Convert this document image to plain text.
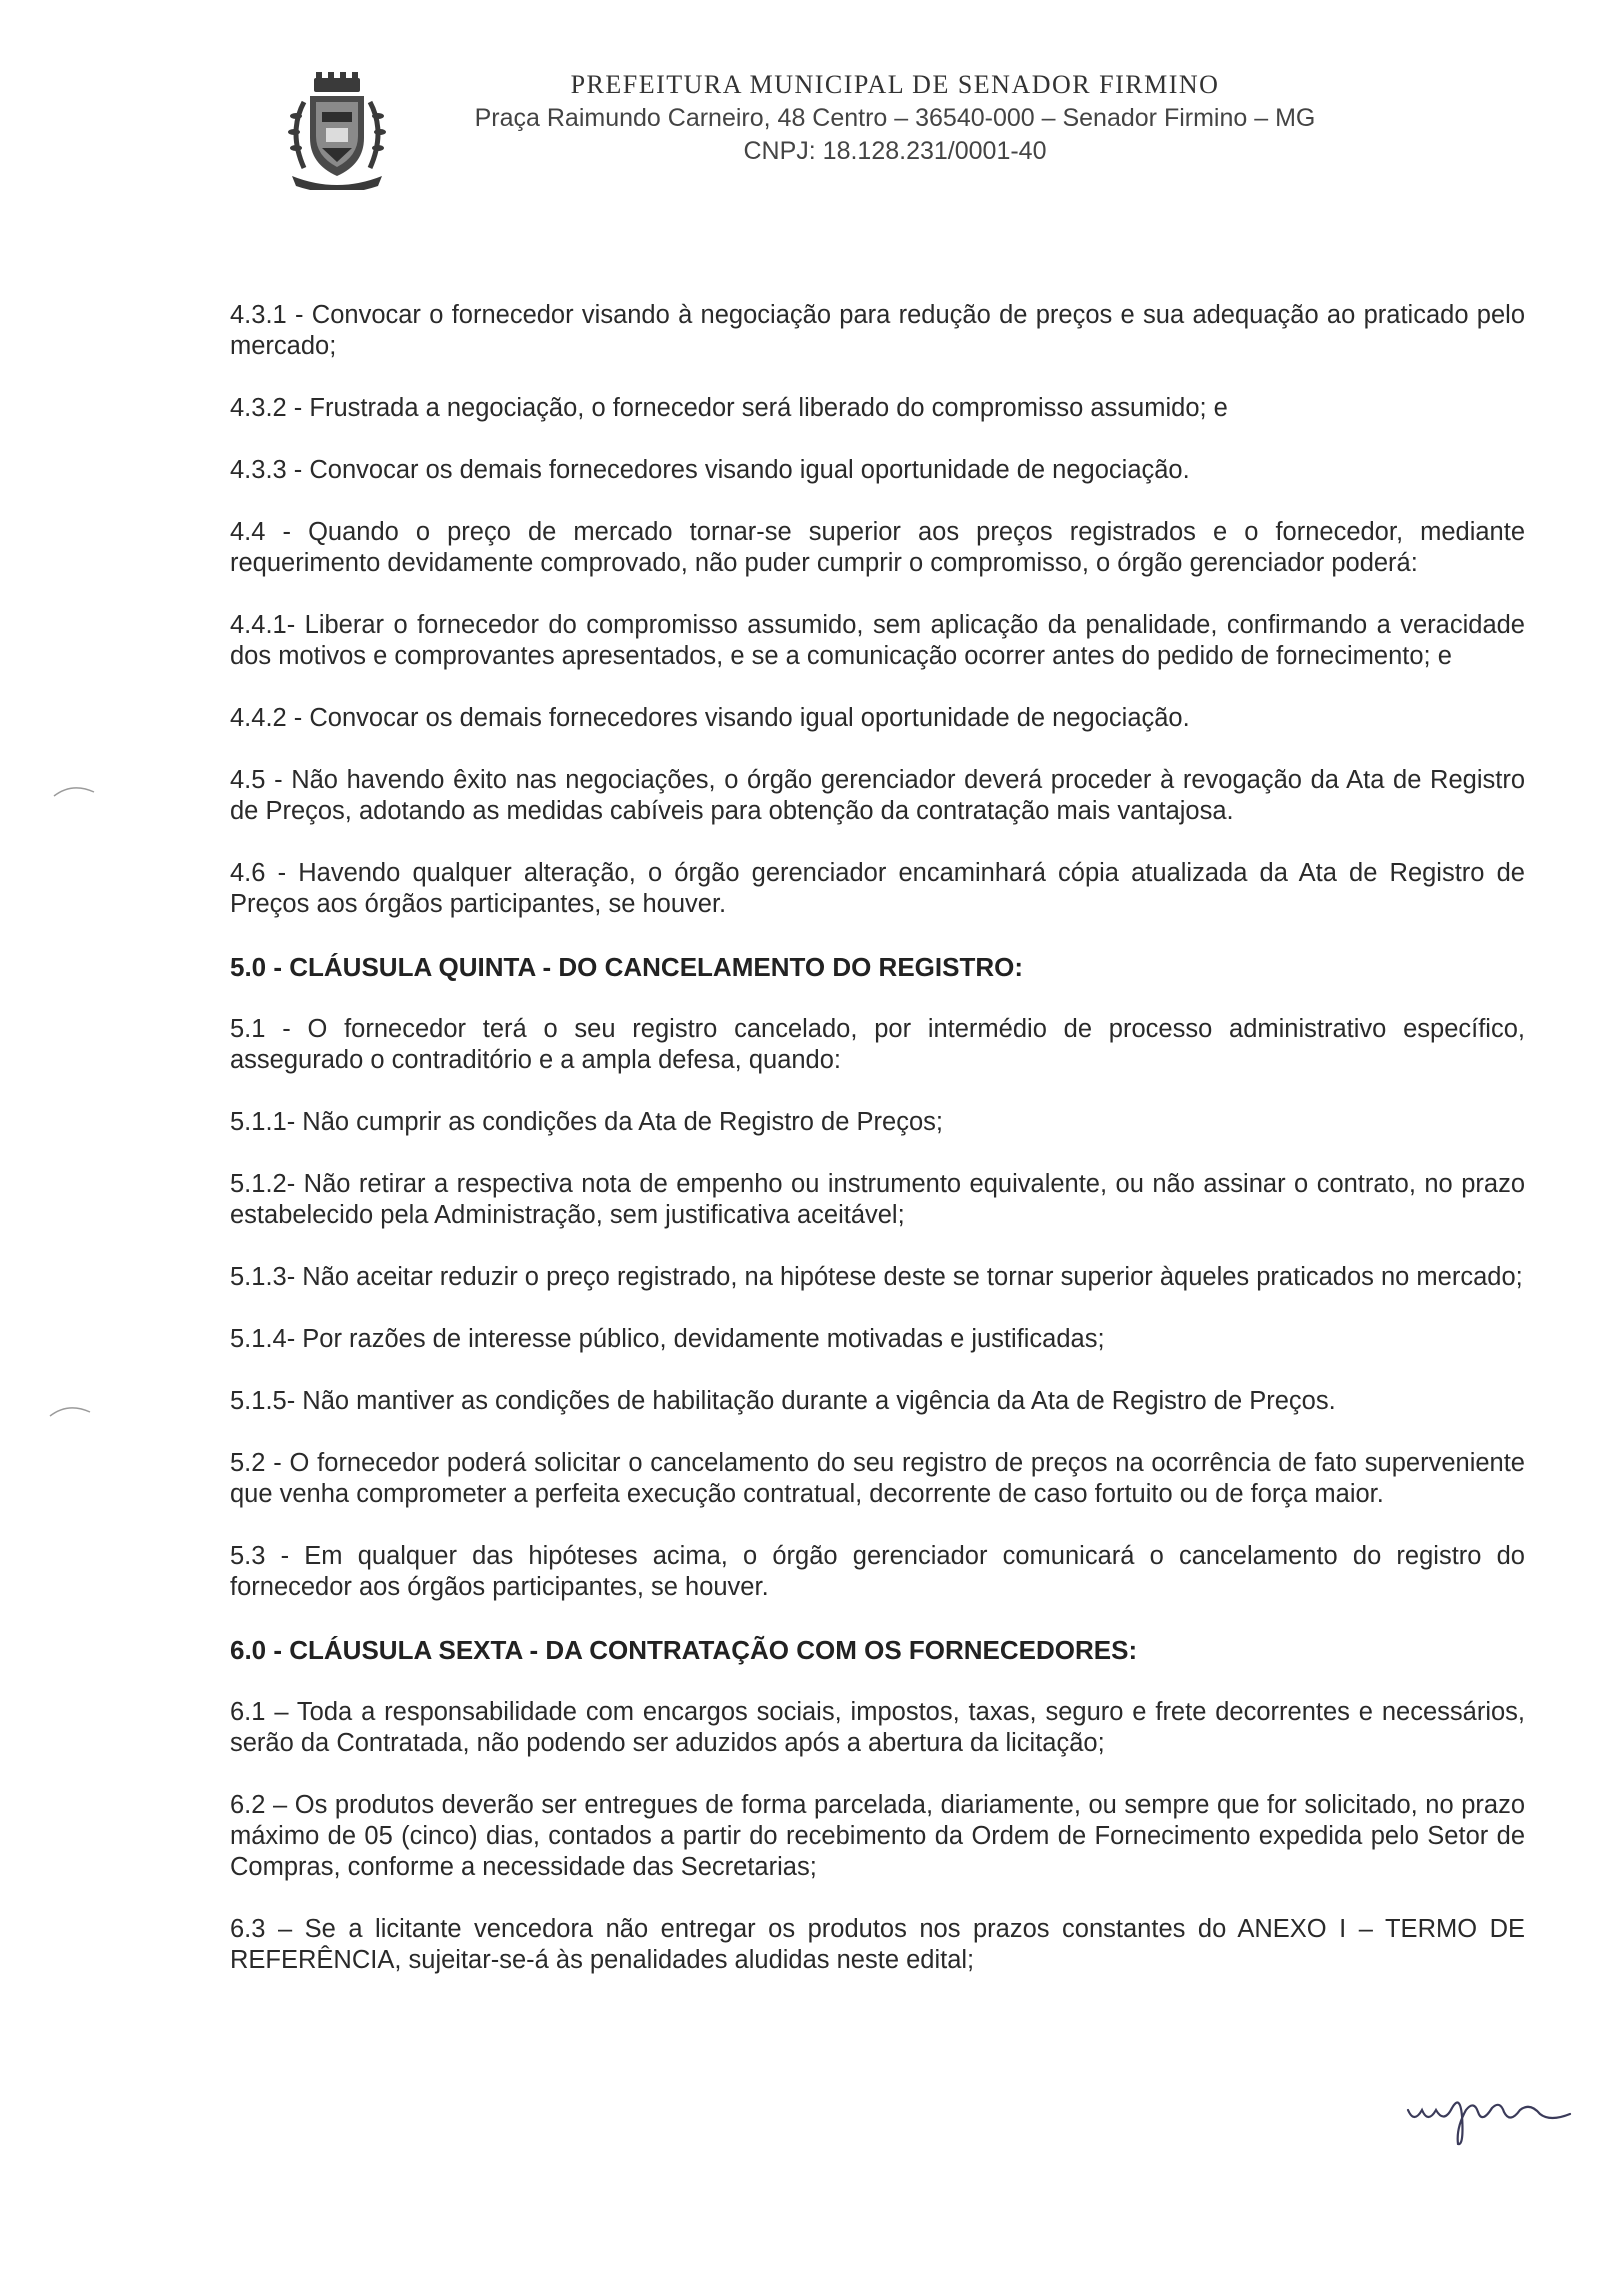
PREFEITURA MUNICIPAL DE SENADOR FIRMINO
Praça Raimundo Carneiro, 48 Centro – 36540-000 – Senador Firmino – MG
CNPJ: 18.128.231/0001-40
4.3.1 - Convocar o fornecedor visando à negociação para redução de preços e sua adequação ao praticado pelo mercado;
4.3.2 - Frustrada a negociação, o fornecedor será liberado do compromisso assumido; e
4.3.3 - Convocar os demais fornecedores visando igual oportunidade de negociação.
4.4 - Quando o preço de mercado tornar-se superior aos preços registrados e o fornecedor, mediante requerimento devidamente comprovado, não puder cumprir o compromisso, o órgão gerenciador poderá:
4.4.1- Liberar o fornecedor do compromisso assumido, sem aplicação da penalidade, confirmando a veracidade dos motivos e comprovantes apresentados, e se a comunicação ocorrer antes do pedido de fornecimento; e
4.4.2 - Convocar os demais fornecedores visando igual oportunidade de negociação.
4.5 - Não havendo êxito nas negociações, o órgão gerenciador deverá proceder à revogação da Ata de Registro de Preços, adotando as medidas cabíveis para obtenção da contratação mais vantajosa.
4.6 - Havendo qualquer alteração, o órgão gerenciador encaminhará cópia atualizada da Ata de Registro de Preços aos órgãos participantes, se houver.
5.0 - CLÁUSULA QUINTA - DO CANCELAMENTO DO REGISTRO:
5.1 - O fornecedor terá o seu registro cancelado, por intermédio de processo administrativo específico, assegurado o contraditório e a ampla defesa, quando:
5.1.1- Não cumprir as condições da Ata de Registro de Preços;
5.1.2- Não retirar a respectiva nota de empenho ou instrumento equivalente, ou não assinar o contrato, no prazo estabelecido pela Administração, sem justificativa aceitável;
5.1.3- Não aceitar reduzir o preço registrado, na hipótese deste se tornar superior àqueles praticados no mercado;
5.1.4- Por razões de interesse público, devidamente motivadas e justificadas;
5.1.5- Não mantiver as condições de habilitação durante a vigência da Ata de Registro de Preços.
5.2 - O fornecedor poderá solicitar o cancelamento do seu registro de preços na ocorrência de fato superveniente que venha comprometer a perfeita execução contratual, decorrente de caso fortuito ou de força maior.
5.3 - Em qualquer das hipóteses acima, o órgão gerenciador comunicará o cancelamento do registro do fornecedor aos órgãos participantes, se houver.
6.0 - CLÁUSULA SEXTA - DA CONTRATAÇÃO COM OS FORNECEDORES:
6.1 – Toda a responsabilidade com encargos sociais, impostos, taxas, seguro e frete decorrentes e necessários, serão da Contratada, não podendo ser aduzidos após a abertura da licitação;
6.2 – Os produtos deverão ser entregues de forma parcelada, diariamente, ou sempre que for solicitado, no prazo máximo de 05 (cinco) dias, contados a partir do recebimento da Ordem de Fornecimento expedida pelo Setor de Compras, conforme a necessidade das Secretarias;
6.3 – Se a licitante vencedora não entregar os produtos nos prazos constantes do ANEXO I – TERMO DE REFERÊNCIA, sujeitar-se-á às penalidades aludidas neste edital;
